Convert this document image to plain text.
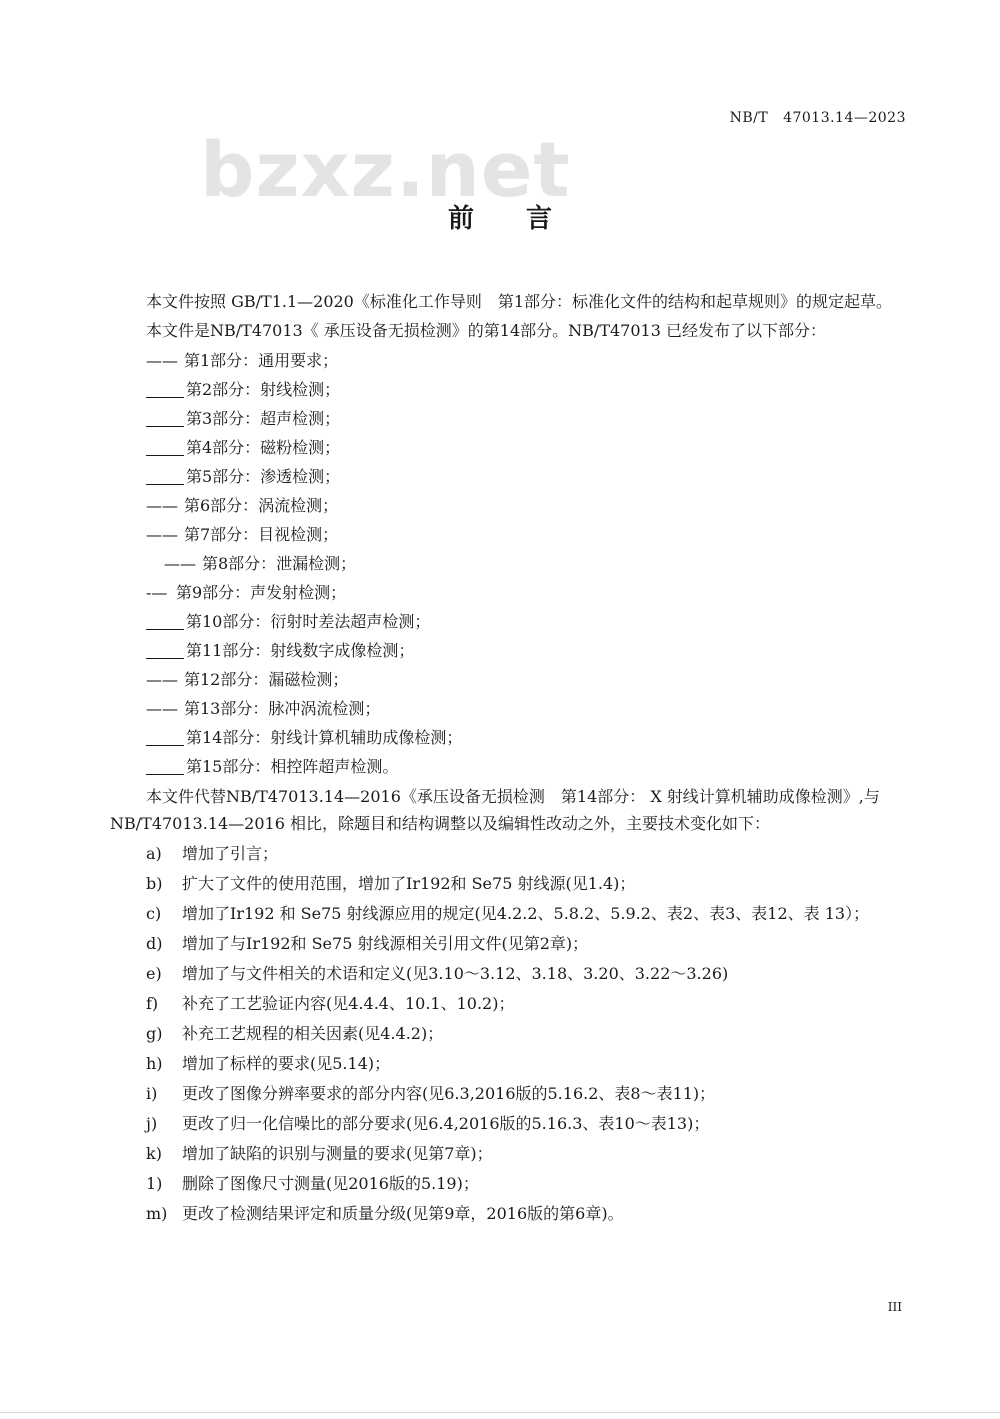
NB/T   47013.14—2023
bzxz.net
前言

本文件按照 GB/T1.1—2020《标准化工作导则　第1部分：标准化文件的结构和起草规则》的规定起草。

本文件是NB/T47013《 承压设备无损检测》的第14部分。NB/T47013 已经发布了以下部分：

—— 第1部分：通用要求；
第2部分：射线检测；
第3部分：超声检测；
第4部分：磁粉检测；
第5部分：渗透检测；
—— 第6部分：涡流检测；
—— 第7部分：目视检测；
—— 第8部分：泄漏检测；
-— 第9部分：声发射检测；
第10部分：衍射时差法超声检测；
第11部分：射线数字成像检测；
—— 第12部分：漏磁检测；
—— 第13部分：脉冲涡流检测；
第14部分：射线计算机辅助成像检测；
第15部分：相控阵超声检测。

本文件代替NB/T47013.14—2016《承压设备无损检测　第14部分： X 射线计算机辅助成像检测》,与NB/T47013.14—2016 相比，除题目和结构调整以及编辑性改动之外，主要技术变化如下：

a) 增加了引言；
b) 扩大了文件的使用范围，增加了Ir192和 Se75 射线源(见1.4)；
c) 增加了Ir192 和 Se75 射线源应用的规定(见4.2.2、5.8.2、5.9.2、表2、表3、表12、表 13）；
d) 增加了与Ir192和 Se75 射线源相关引用文件(见第2章)；
e) 增加了与文件相关的术语和定义(见3.10～3.12、3.18、3.20、3.22～3.26)
f) 补充了工艺验证内容(见4.4.4、10.1、10.2)；
g) 补充工艺规程的相关因素(见4.4.2)；
h) 增加了标样的要求(见5.14)；
i) 更改了图像分辨率要求的部分内容(见6.3,2016版的5.16.2、表8～表11)；
j) 更改了归一化信噪比的部分要求(见6.4,2016版的5.16.3、表10～表13)；
k) 增加了缺陷的识别与测量的要求(见第7章)；
1) 删除了图像尺寸测量(见2016版的5.19)；
m) 更改了检测结果评定和质量分级(见第9章，2016版的第6章)。
III
